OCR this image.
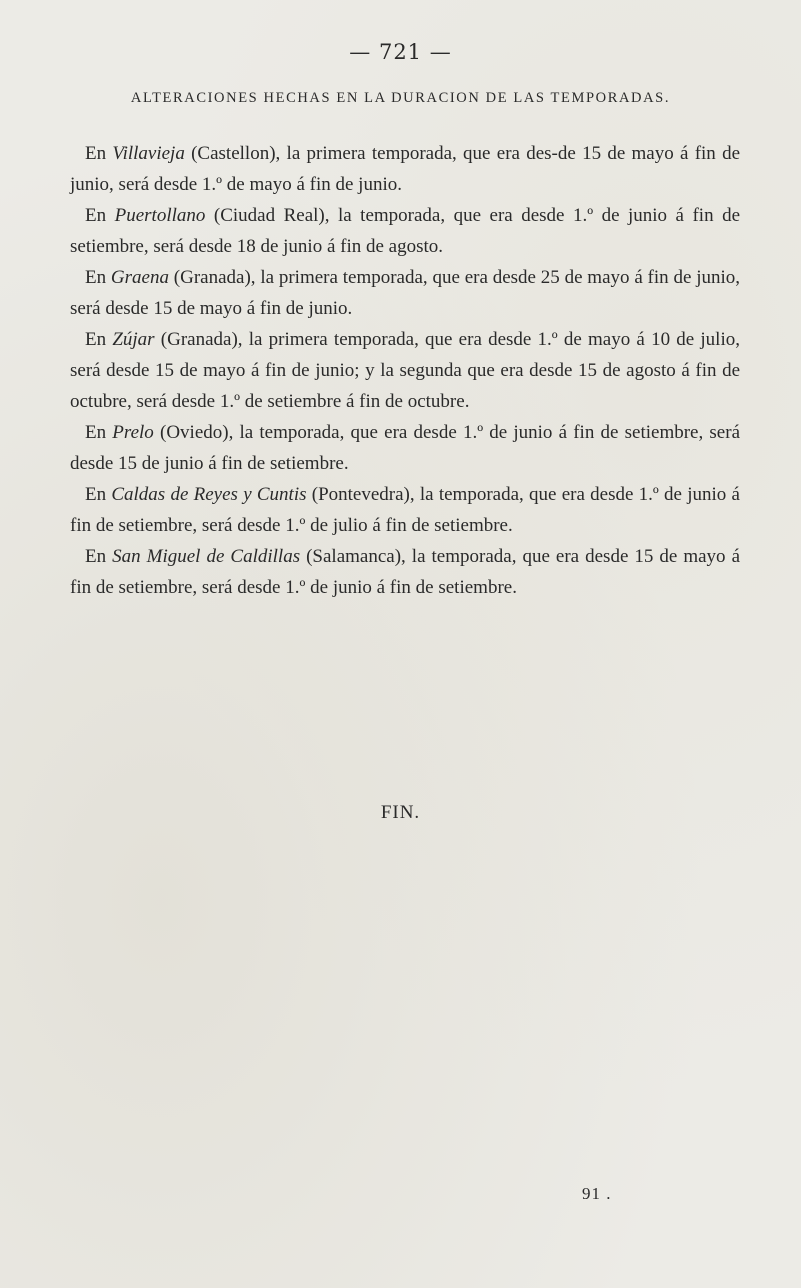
— 721 —
ALTERACIONES HECHAS EN LA DURACION DE LAS TEMPORADAS.

En Villavieja (Castellon), la primera temporada, que era des-de 15 de mayo á fin de junio, será desde 1.º de mayo á fin de junio.

En Puertollano (Ciudad Real), la temporada, que era desde 1.º de junio á fin de setiembre, será desde 18 de junio á fin de agosto.

En Graena (Granada), la primera temporada, que era desde 25 de mayo á fin de junio, será desde 15 de mayo á fin de junio.

En Zújar (Granada), la primera temporada, que era desde 1.º de mayo á 10 de julio, será desde 15 de mayo á fin de junio; y la segunda que era desde 15 de agosto á fin de octubre, será desde 1.º de setiembre á fin de octubre.

En Prelo (Oviedo), la temporada, que era desde 1.º de junio á fin de setiembre, será desde 15 de junio á fin de setiembre.

En Caldas de Reyes y Cuntis (Pontevedra), la temporada, que era desde 1.º de junio á fin de setiembre, será desde 1.º de julio á fin de setiembre.

En San Miguel de Caldillas (Salamanca), la temporada, que era desde 15 de mayo á fin de setiembre, será desde 1.º de junio á fin de setiembre.

FIN.
91 .
